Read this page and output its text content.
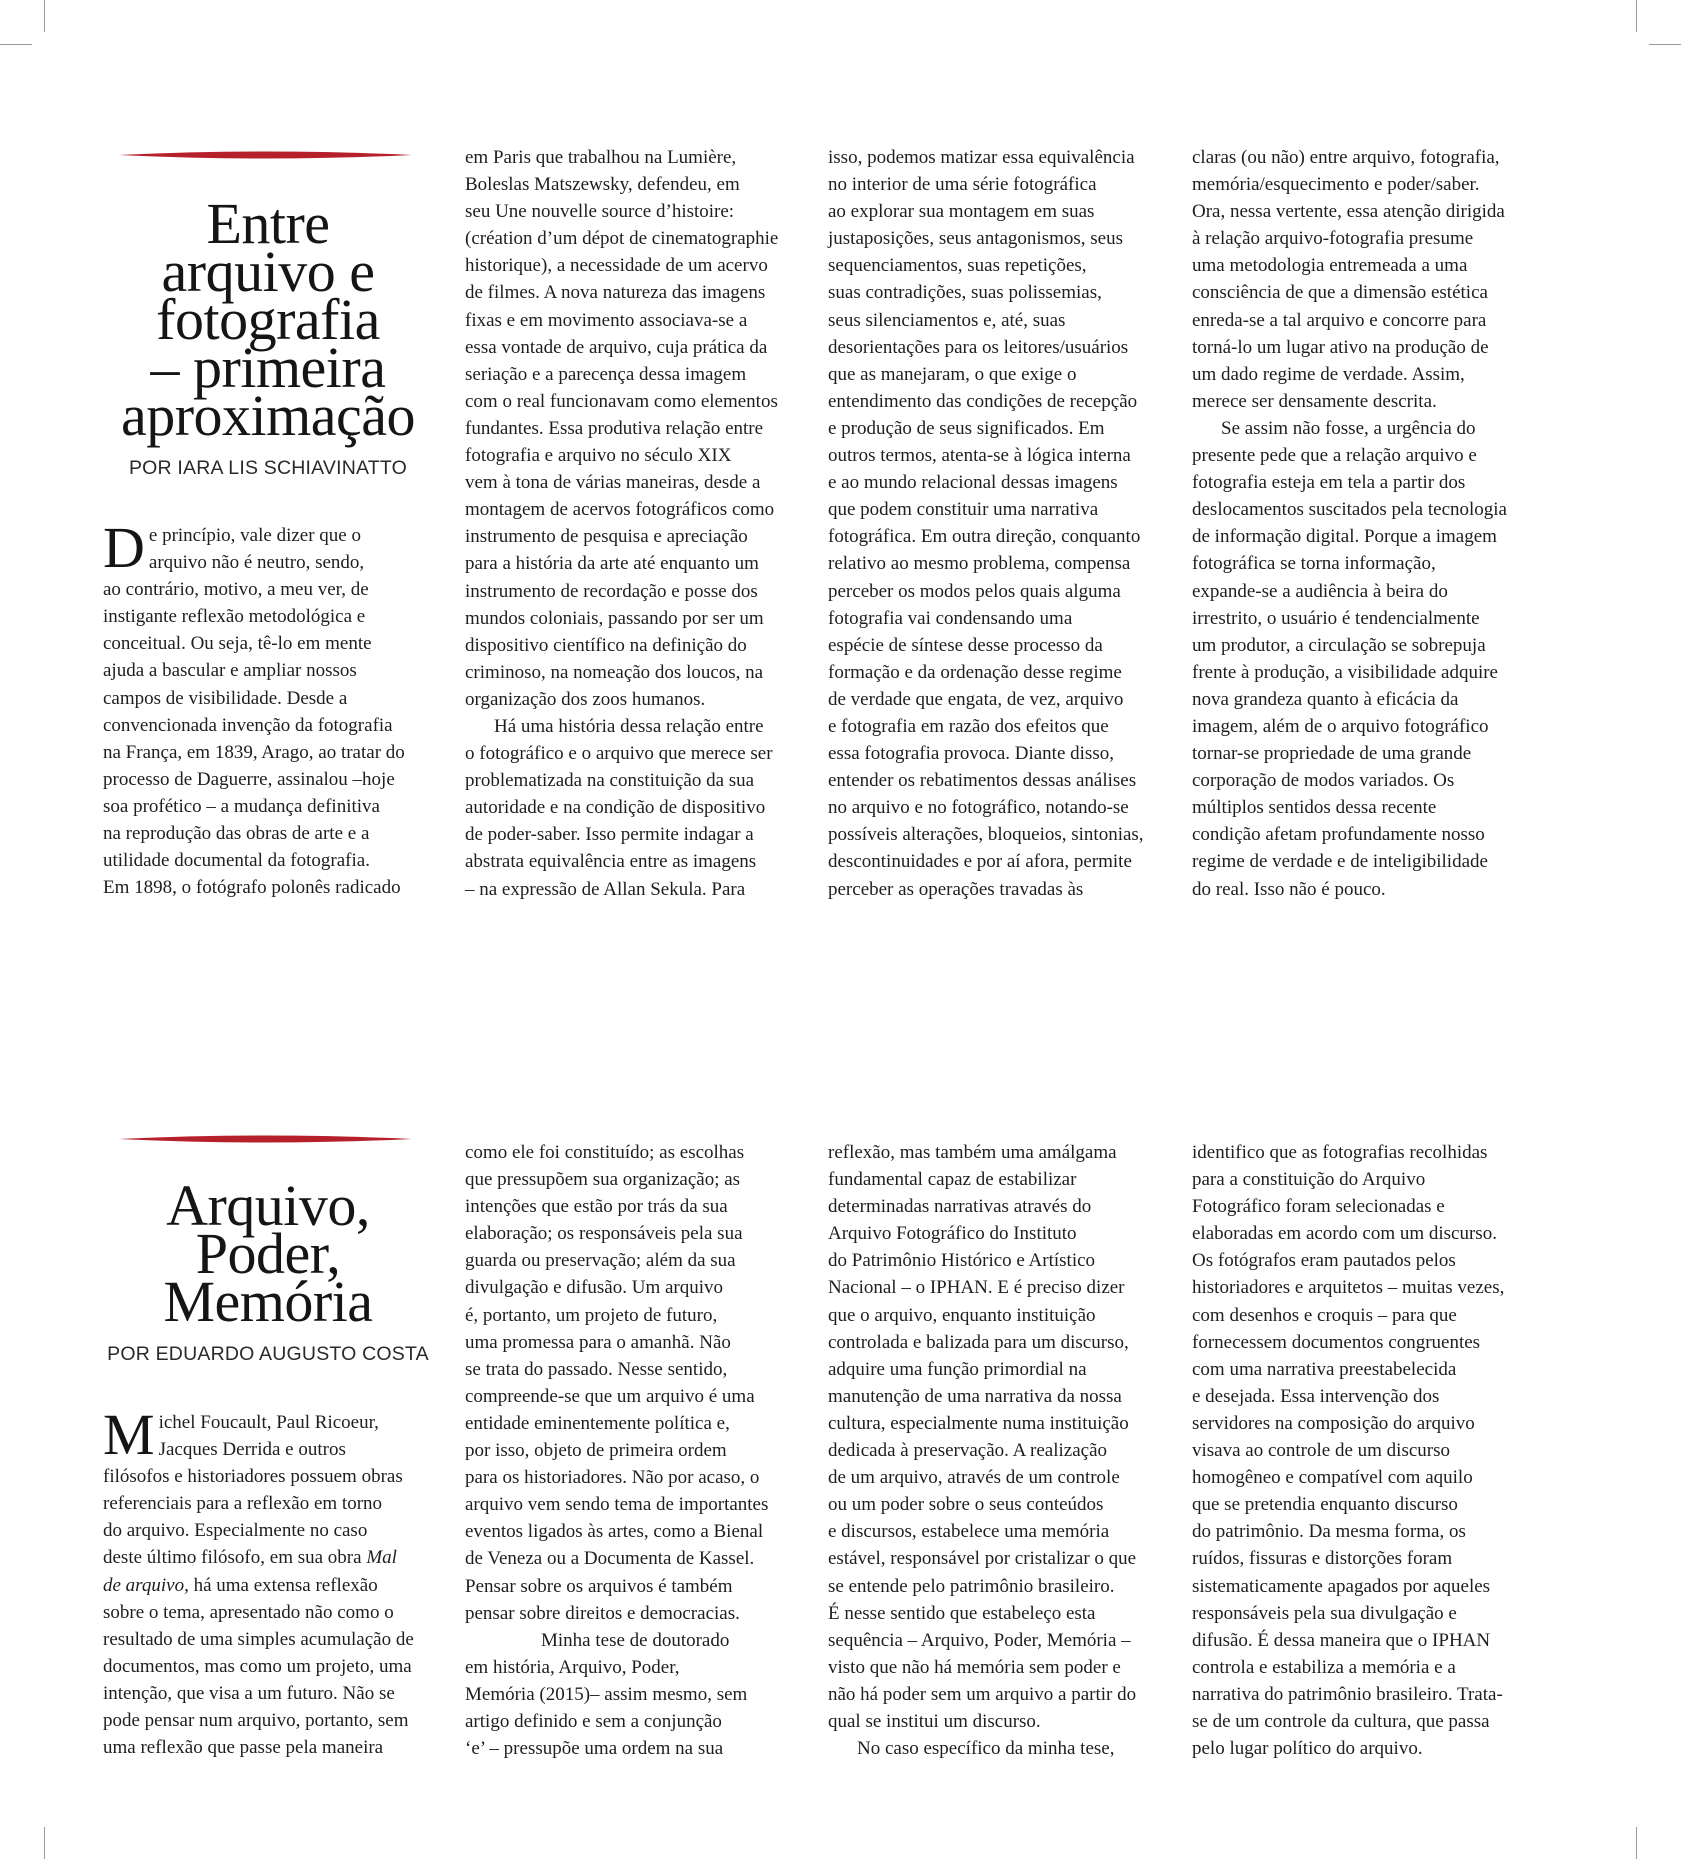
Entre
arquivo e
fotografia
– primeira
aproximação
POR IARA LIS SCHIAVINATTO

D e princípio, vale dizer que o
arquivo não é neutro, sendo,
ao contrário, motivo, a meu ver, de
instigante reflexão metodológica e
conceitual. Ou seja, tê-lo em mente
ajuda a bascular e ampliar nossos
campos de visibilidade. Desde a
convencionada invenção da fotografia
na França, em 1839, Arago, ao tratar do
processo de Daguerre, assinalou –hoje
soa profético – a mudança definitiva
na reprodução das obras de arte e a
utilidade documental da fotografia.
Em 1898, o fotógrafo polonês radicado

em Paris que trabalhou na Lumière,
Boleslas Matszewsky, defendeu, em
seu Une nouvelle source d’histoire:
(création d’um dépot de cinematographie
historique), a necessidade de um acervo
de filmes. A nova natureza das imagens
fixas e em movimento associava-se a
essa vontade de arquivo, cuja prática da
seriação e a parecença dessa imagem
com o real funcionavam como elementos
fundantes. Essa produtiva relação entre
fotografia e arquivo no século XIX
vem à tona de várias maneiras, desde a
montagem de acervos fotográficos como
instrumento de pesquisa e apreciação
para a história da arte até enquanto um
instrumento de recordação e posse dos
mundos coloniais, passando por ser um
dispositivo científico na definição do
criminoso, na nomeação dos loucos, na
organização dos zoos humanos.

Há uma história dessa relação entre
o fotográfico e o arquivo que merece ser
problematizada na constituição da sua
autoridade e na condição de dispositivo
de poder-saber. Isso permite indagar a
abstrata equivalência entre as imagens
– na expressão de Allan Sekula. Para

isso, podemos matizar essa equivalência
no interior de uma série fotográfica
ao explorar sua montagem em suas
justaposições, seus antagonismos, seus
sequenciamentos, suas repetições,
suas contradições, suas polissemias,
seus silenciamentos e, até, suas
desorientações para os leitores/usuários
que as manejaram, o que exige o
entendimento das condições de recepção
e produção de seus significados. Em
outros termos, atenta-se à lógica interna
e ao mundo relacional dessas imagens
que podem constituir uma narrativa
fotográfica. Em outra direção, conquanto
relativo ao mesmo problema, compensa
perceber os modos pelos quais alguma
fotografia vai condensando uma
espécie de síntese desse processo da
formação e da ordenação desse regime
de verdade que engata, de vez, arquivo
e fotografia em razão dos efeitos que
essa fotografia provoca. Diante disso,
entender os rebatimentos dessas análises
no arquivo e no fotográfico, notando-se
possíveis alterações, bloqueios, sintonias,
descontinuidades e por aí afora, permite
perceber as operações travadas às

claras (ou não) entre arquivo, fotografia,
memória/esquecimento e poder/saber.
Ora, nessa vertente, essa atenção dirigida
à relação arquivo-fotografia presume
uma metodologia entremeada a uma
consciência de que a dimensão estética
enreda-se a tal arquivo e concorre para
torná-lo um lugar ativo na produção de
um dado regime de verdade. Assim,
merece ser densamente descrita.

Se assim não fosse, a urgência do
presente pede que a relação arquivo e
fotografia esteja em tela a partir dos
deslocamentos suscitados pela tecnologia
de informação digital. Porque a imagem
fotográfica se torna informação,
expande-se a audiência à beira do
irrestrito, o usuário é tendencialmente
um produtor, a circulação se sobrepuja
frente à produção, a visibilidade adquire
nova grandeza quanto à eficácia da
imagem, além de o arquivo fotográfico
tornar-se propriedade de uma grande
corporação de modos variados. Os
múltiplos sentidos dessa recente
condição afetam profundamente nosso
regime de verdade e de inteligibilidade
do real. Isso não é pouco.

Arquivo,
Poder,
Memória
POR EDUARDO AUGUSTO COSTA

M ichel Foucault, Paul Ricoeur,
Jacques Derrida e outros
filósofos e historiadores possuem obras
referenciais para a reflexão em torno
do arquivo. Especialmente no caso
deste último filósofo, em sua obra Mal
de arquivo, há uma extensa reflexão
sobre o tema, apresentado não como o
resultado de uma simples acumulação de
documentos, mas como um projeto, uma
intenção, que visa a um futuro. Não se
pode pensar num arquivo, portanto, sem
uma reflexão que passe pela maneira

como ele foi constituído; as escolhas
que pressupõem sua organização; as
intenções que estão por trás da sua
elaboração; os responsáveis pela sua
guarda ou preservação; além da sua
divulgação e difusão. Um arquivo
é, portanto, um projeto de futuro,
uma promessa para o amanhã. Não
se trata do passado. Nesse sentido,
compreende-se que um arquivo é uma
entidade eminentemente política e,
por isso, objeto de primeira ordem
para os historiadores. Não por acaso, o
arquivo vem sendo tema de importantes
eventos ligados às artes, como a Bienal
de Veneza ou a Documenta de Kassel.
Pensar sobre os arquivos é também
pensar sobre direitos e democracias.

Minha tese de doutorado
em história, Arquivo, Poder,
Memória (2015)– assim mesmo, sem
artigo definido e sem a conjunção
‘e’ – pressupõe uma ordem na sua

reflexão, mas também uma amálgama
fundamental capaz de estabilizar
determinadas narrativas através do
Arquivo Fotográfico do Instituto
do Patrimônio Histórico e Artístico
Nacional – o IPHAN. E é preciso dizer
que o arquivo, enquanto instituição
controlada e balizada para um discurso,
adquire uma função primordial na
manutenção de uma narrativa da nossa
cultura, especialmente numa instituição
dedicada à preservação. A realização
de um arquivo, através de um controle
ou um poder sobre o seus conteúdos
e discursos, estabelece uma memória
estável, responsável por cristalizar o que
se entende pelo patrimônio brasileiro.
É nesse sentido que estabeleço esta
sequência – Arquivo, Poder, Memória –
visto que não há memória sem poder e
não há poder sem um arquivo a partir do
qual se institui um discurso.

No caso específico da minha tese,

identifico que as fotografias recolhidas
para a constituição do Arquivo
Fotográfico foram selecionadas e
elaboradas em acordo com um discurso.
Os fotógrafos eram pautados pelos
historiadores e arquitetos – muitas vezes,
com desenhos e croquis – para que
fornecessem documentos congruentes
com uma narrativa preestabelecida
e desejada. Essa intervenção dos
servidores na composição do arquivo
visava ao controle de um discurso
homogêneo e compatível com aquilo
que se pretendia enquanto discurso
do patrimônio. Da mesma forma, os
ruídos, fissuras e distorções foram
sistematicamente apagados por aqueles
responsáveis pela sua divulgação e
difusão. É dessa maneira que o IPHAN
controla e estabiliza a memória e a
narrativa do patrimônio brasileiro. Trata-
se de um controle da cultura, que passa
pelo lugar político do arquivo.
